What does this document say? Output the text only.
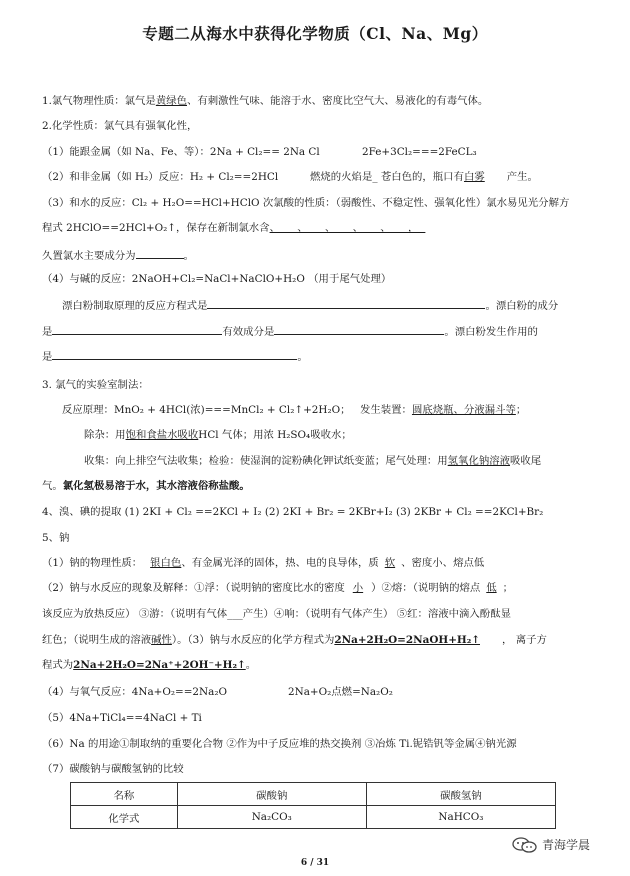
专题二从海水中获得化学物质（Cl、Na、Mg）
1.氯气物理性质：氯气是黄绿色、有刺激性气味、能溶于水、密度比空气大、易液化的有毒气体。
2.化学性质：氯气具有强氧化性，
（1）能跟金属（如 Na、Fe、等）：2Na + Cl₂== 2Na Cl	2Fe+3Cl₂===2FeCL₃
（2）和非金属（如 H₂）反应：H₂ + Cl₂==2HCl	燃烧的火焰是_ 苍白色的，瓶口有白雾 产生。
（3）和水的反应：Cl₂ + H₂O==HCl+HClO 次氯酸的性质：（弱酸性、不稳定性、强氧化性）氯水易见光分解方
程式 2HClO==2HCl+O₂↑，保存在新制氯水含、 、 、 、 、 ，
久置氯水主要成分为	。
（4）与碱的反应：2NaOH+Cl₂=NaCl+NaClO+H₂O （用于尾气处理）
漂白粉制取原理的反应方程式是	。漂白粉的成分
是	有效成分是	。漂白粉发生作用的
是	。
3. 氯气的实验室制法：
反应原理：MnO₂ + 4HCl(浓)===MnCl₂ + Cl₂↑+2H₂O； 发生装置：圆底烧瓶、分液漏斗等；
除杂：用饱和食盐水吸收HCl 气体；用浓 H₂SO₄吸收水；
收集：向上排空气法收集；检验：使湿润的淀粉碘化钾试纸变蓝；尾气处理：用氢氧化钠溶液吸收尾
气。氯化氢极易溶于水，其水溶液俗称盐酸。
4、溴、碘的提取 (1) 2KI + Cl₂ ==2KCl + I₂ (2) 2KI + Br₂ = 2KBr+I₂ (3) 2KBr + Cl₂ ==2KCl+Br₂
5、钠
（1）钠的物理性质： 银白色、有金属光泽的固体，热、电的良导体，质 软 、密度小、熔点低
（2）钠与水反应的现象及解释：①浮：（说明钠的密度比水的密度 小 ）②熔：（说明钠的熔点 低 ；
该反应为放热反应） ③游：（说明有气体___产生）④响：（说明有气体产生） ⑤红：溶液中滴入酚酞显
红色；（说明生成的溶液碱性）。（3）钠与水反应的化学方程式为2Na+2H₂O=2NaOH+H₂↑ ， 离子方
程式为2Na+2H₂O=2Na⁺+2OH⁻+H₂↑。
（4）与氧气反应：4Na+O₂==2Na₂O	2Na+O₂点燃=Na₂O₂
（5）4Na+TiCl₄==4NaCl + Ti
（6）Na 的用途①制取纳的重要化合物 ②作为中子反应堆的热交换剂 ③冶炼 Ti.铌锆钒等金属④钠光源
（7）碳酸钠与碳酸氢钠的比较
名称	碳酸钠	碳酸氢钠
化学式	Na₂CO₃	NaHCO₃
青海学晨
6 / 31
